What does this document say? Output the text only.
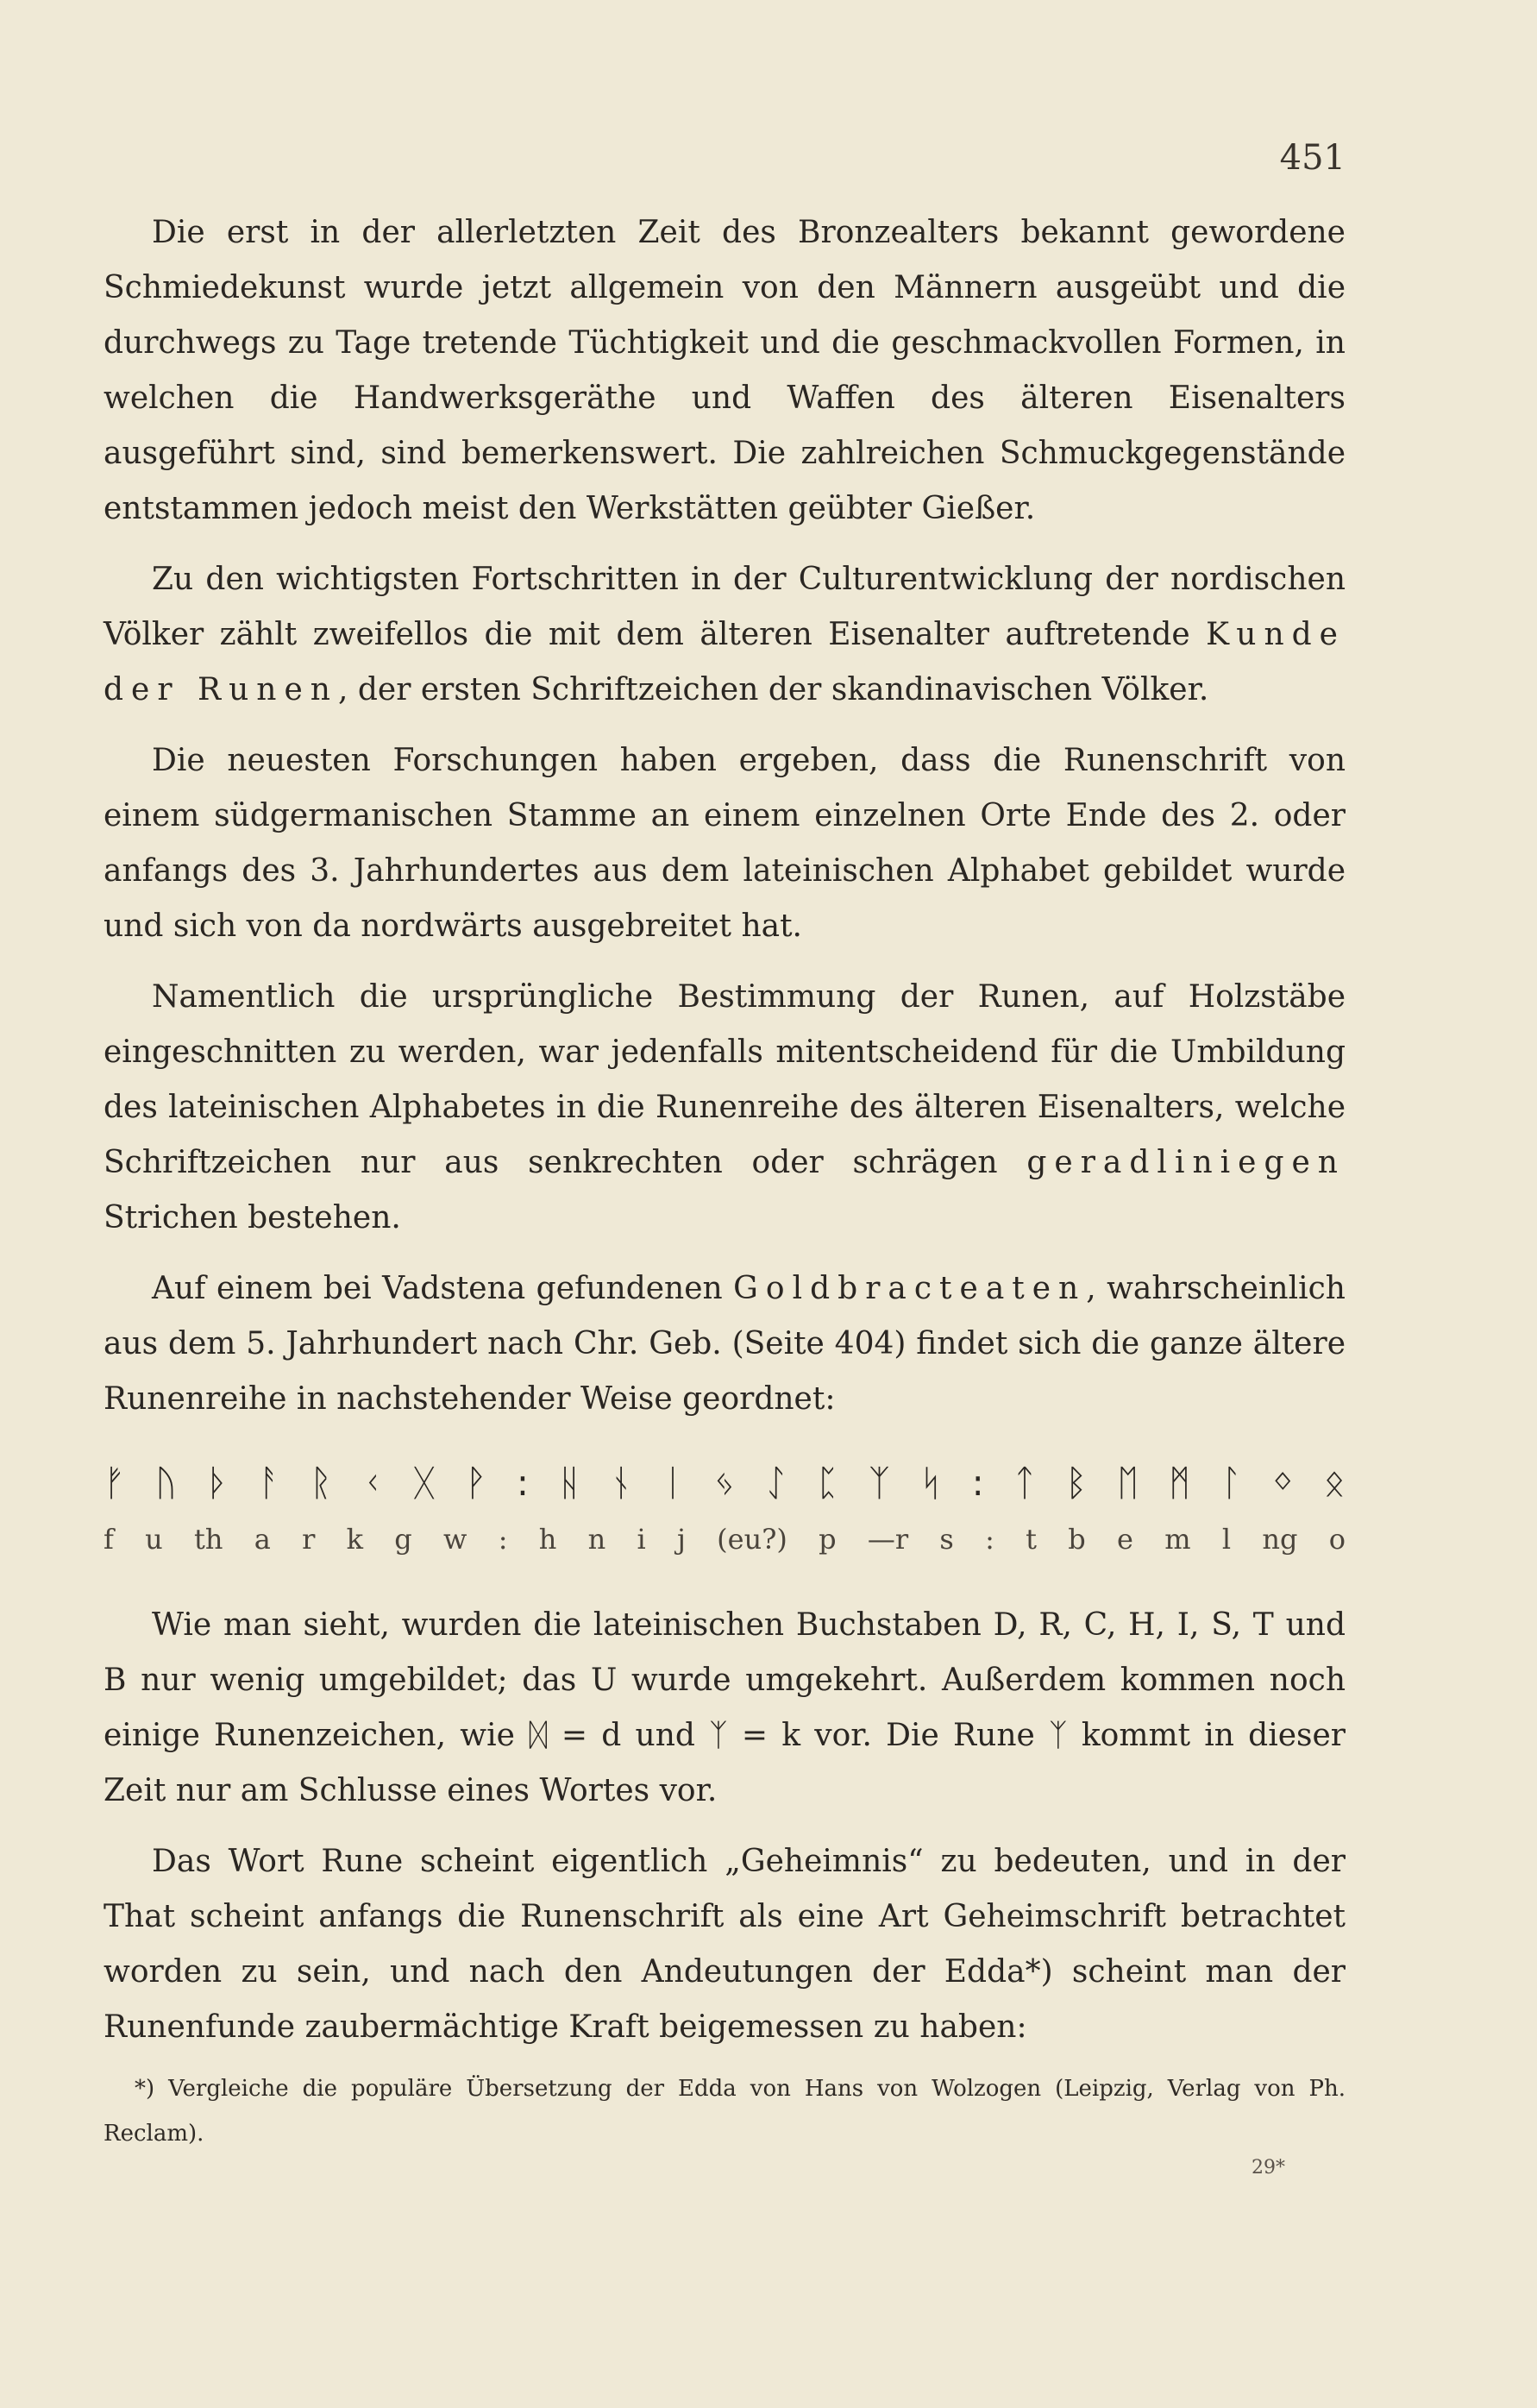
451

Die erst in der allerletzten Zeit des Bronzealters bekannt gewordene Schmiedekunst wurde jetzt allgemein von den Männern ausgeübt und die durchwegs zu Tage tretende Tüchtigkeit und die geschmackvollen Formen, in welchen die Handwerksgeräthe und Waffen des älteren Eisenalters ausgeführt sind, sind bemerkenswert. Die zahlreichen Schmuckgegenstände entstammen jedoch meist den Werkstätten geübter Gießer.

Zu den wichtigsten Fortschritten in der Culturentwicklung der nordischen Völker zählt zweifellos die mit dem älteren Eisenalter auftretende Kunde der Runen, der ersten Schriftzeichen der skandinavischen Völker.

Die neuesten Forschungen haben ergeben, dass die Runenschrift von einem südgermanischen Stamme an einem einzelnen Orte Ende des 2. oder anfangs des 3. Jahrhundertes aus dem lateinischen Alphabet gebildet wurde und sich von da nordwärts ausgebreitet hat.

Namentlich die ursprüngliche Bestimmung der Runen, auf Holzstäbe eingeschnitten zu werden, war jedenfalls mitentscheidend für die Umbildung des lateinischen Alphabetes in die Runenreihe des älteren Eisenalters, welche Schriftzeichen nur aus senkrechten oder schrägen geradliniegen Strichen bestehen.

Auf einem bei Vadstena gefundenen Goldbracteaten, wahrscheinlich aus dem 5. Jahrhundert nach Chr. Geb. (Seite 404) findet sich die ganze ältere Runenreihe in nachstehender Weise geordnet:

ᚠ ᚢ ᚦ ᚨ ᚱ ᚲ ᚷ ᚹ : ᚺ ᚾ ᛁ ᛃ ᛇ ᛈ ᛉ ᛋ : ᛏ ᛒ ᛖ ᛗ ᛚ ᛜ ᛟ
f u th a r k g w : h n i j (eu?) p —r s : t b e m l ng o

Wie man sieht, wurden die lateinischen Buchstaben D, R, C, H, I, S, T und B nur wenig umgebildet; das U wurde umgekehrt. Außerdem kommen noch einige Runenzeichen, wie ᛞ = d und ᛉ = k vor. Die Rune ᛉ kommt in dieser Zeit nur am Schlusse eines Wortes vor.

Das Wort Rune scheint eigentlich „Geheimnis“ zu bedeuten, und in der That scheint anfangs die Runenschrift als eine Art Geheimschrift betrachtet worden zu sein, und nach den Andeutungen der Edda*) scheint man der Runenfunde zaubermächtige Kraft beigemessen zu haben:

*) Vergleiche die populäre Übersetzung der Edda von Hans von Wolzogen (Leipzig, Verlag von Ph. Reclam).
29*
